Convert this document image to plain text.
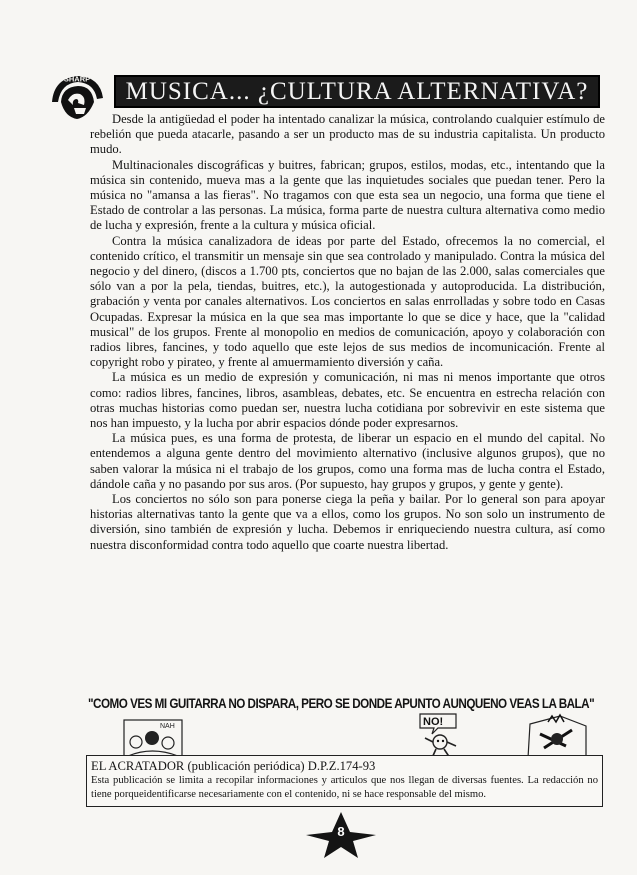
SHARP	MUSICA... ¿CULTURA ALTERNATIVA?

Desde la antigüedad el poder ha intentado canalizar la música, controlando cualquier estímulo de rebelión que pueda atacarle, pasando a ser un producto mas de su industria capitalista. Un producto mudo.

Multinacionales discográficas y buitres, fabrican; grupos, estilos, modas, etc., intentando que la música sin contenido, mueva mas a la gente que las inquietudes sociales que puedan tener. Pero la música no "amansa a las fieras". No tragamos con que esta sea un negocio, una forma que tiene el Estado de controlar a las personas. La música, forma parte de nuestra cultura alternativa como medio de lucha y expresión, frente a la cultura y música oficial.

Contra la música canalizadora de ideas por parte del Estado, ofrecemos la no comercial, el contenido crítico, el transmitir un mensaje sin que sea controlado y manipulado. Contra la música del negocio y del dinero, (discos a 1.700 pts, conciertos que no bajan de las 2.000, salas comerciales que sólo van a por la pela, tiendas, buitres, etc.), la autogestionada y autoproducida. La distribución, grabación y venta por canales alternativos. Los conciertos en salas enrrolladas y sobre todo en Casas Ocupadas. Expresar la música en la que sea mas importante lo que se dice y hace, que la "calidad musical" de los grupos. Frente al monopolio en medios de comunicación, apoyo y colaboración con radios libres, fancines, y todo aquello que este lejos de sus medios de incomunicación. Frente al copyright robo y pirateo, y frente al amuermamiento diversión y caña.

La música es un medio de expresión y comunicación, ni mas ni menos importante que otros como: radios libres, fancines, libros, asambleas, debates, etc. Se encuentra en estrecha relación con otras muchas historias como puedan ser, nuestra lucha cotidiana por sobrevivir en este sistema que nos han impuesto, y la lucha por abrir espacios dónde poder expresarnos.

La música pues, es una forma de protesta, de liberar un espacio en el mundo del capital. No entendemos a alguna gente dentro del movimiento alternativo (inclusive algunos grupos), que no saben valorar la música ni el trabajo de los grupos, como una forma mas de lucha contra el Estado, dándole caña y no pasando por sus aros. (Por supuesto, hay grupos y grupos, y gente y gente).

Los conciertos no sólo son para ponerse ciega la peña y bailar. Por lo general son para apoyar historias alternativas tanto la gente que va a ellos, como los grupos. No son solo un instrumento de diversión, sino también de expresión y lucha. Debemos ir enriqueciendo nuestra cultura, así como nuestra disconformidad contra todo aquello que coarte nuestra libertad.

"COMO VES MI GUITARRA NO DISPARA, PERO SE DONDE APUNTO AUNQUENO VEAS LA BALA"
NAH	NO!
EL ACRATADOR (publicación periódica) D.P.Z.174-93
Esta publicación se limita a recopilar informaciones y articulos que nos llegan de diversas fuentes. La redacción no tiene porqueidentificarse necesariamente con el contenido, ni se hace responsable del mismo.
8
